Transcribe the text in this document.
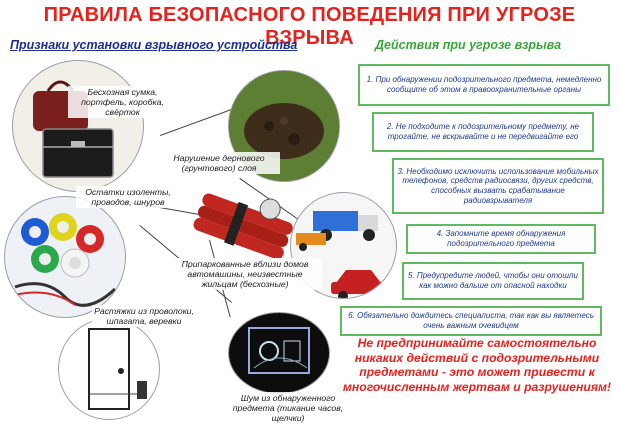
ПРАВИЛА БЕЗОПАСНОГО ПОВЕДЕНИЯ ПРИ УГРОЗЕ ВЗРЫВА
Признаки установки взрывного устройства	Действия при угрозе взрыва
Бесхозная сумка, портфель, коробка, свёрток
Нарушение дернового (грунтового) слоя
Остатки изоленты, проводов, шнуров

Припаркованные вблизи домов автомашины, неизвестные жильцам (бесхозные)
Растяжки из проволоки, шпагата, веревки
Шум из обнаруженного предмета (тикание часов, щелчки)
1. При обнаружении подозрительного предмета, немедленно сообщите об этом в правоохранительные органы
2. Не подходите к подозрительному предмету, не трогайте, не вскрывайте и не передвигайте его
3. Необходимо исключить использование мобильных телефонов, средств радиосвязи, других средств, способных вызвать срабатывание радиовзрывателя
4. Запомните время обнаружения подозрительного предмета
5. Предупредите людей, чтобы они отошли как можно дальше от опасной находки
6. Обязательно дождитесь специалиста, так как вы являетесь очень важным очевидцем
Не предпринимайте самостоятельно никаких действий с подозрительными предметами - это может привести к многочисленным жертвам и разрушениям!
